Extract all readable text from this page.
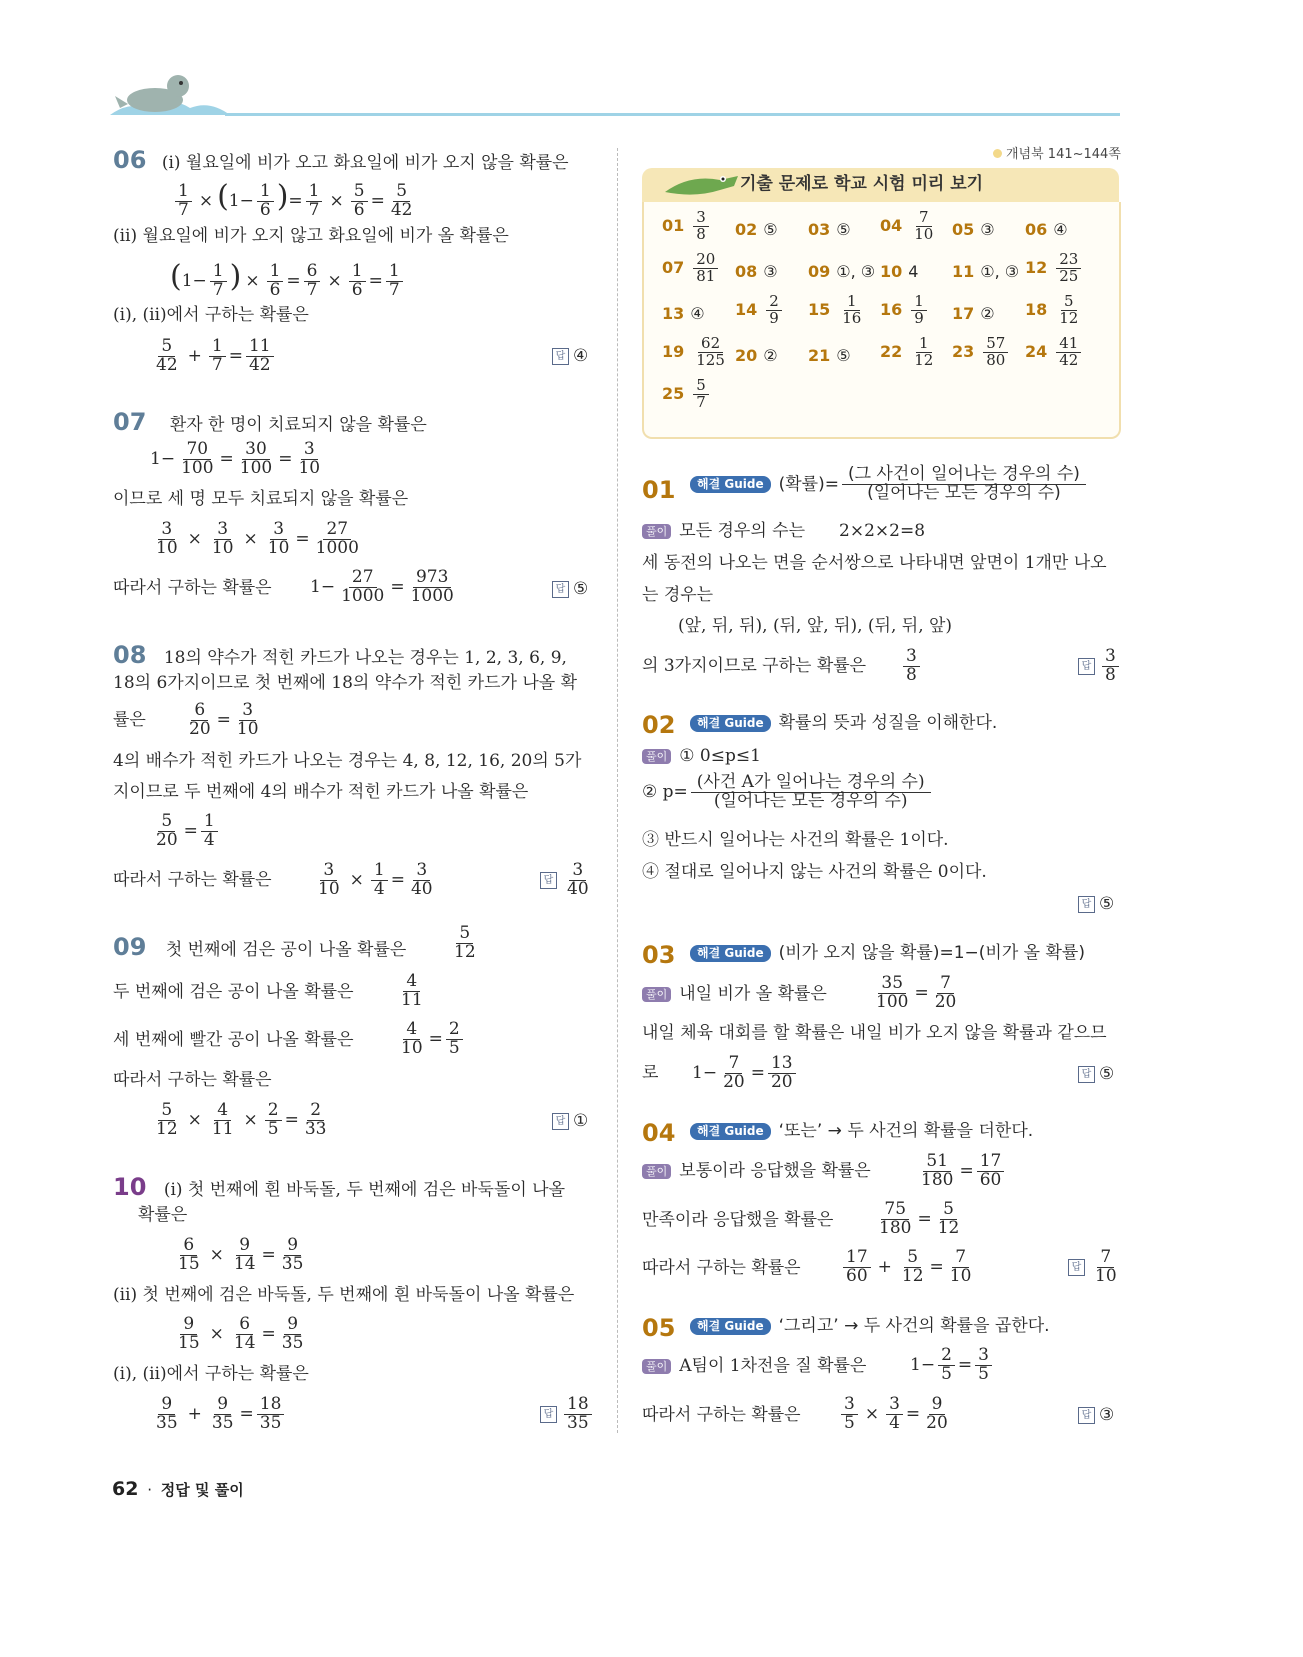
06 (ⅰ) 월요일에 비가 오고 화요일에 비가 오지 않을 확률은
$\frac{1}{7} \times (1- \frac{1}{6}$ )= $\frac{1}{7} \times \frac{5}{6} = \frac{5}{42}$
(ⅱ) 월요일에 비가 오지 않고 화요일에 비가 올 확률은
($1- \frac{1}{7}$ ) × $\frac{1}{6} = \frac{6}{7} \times \frac{1}{6} = \frac{1}{7}$
(ⅰ), (ⅱ)에서 구하는 확률은
$\frac{5}{42} + \frac{1}{7} = \frac{11}{42}$	답 ④
07 환자 한 명이 치료되지 않을 확률은
$1- \frac{70}{100} = \frac{30}{100} = \frac{3}{10}$
이므로 세 명 모두 치료되지 않을 확률은
$\frac{3}{10} \times \frac{3}{10} \times \frac{3}{10} = \frac{27}{1000}$
따라서 구하는 확률은 $1- \frac{27}{1000} = \frac{973}{1000}$	답 ⑤
08 18의 약수가 적힌 카드가 나오는 경우는 1, 2, 3, 6, 9,
18의 6가지이므로 첫 번째에 18의 약수가 적힌 카드가 나올 확
률은 $\frac{6}{20} = \frac{3}{10}$
4의 배수가 적힌 카드가 나오는 경우는 4, 8, 12, 16, 20의 5가
지이므로 두 번째에 4의 배수가 적힌 카드가 나올 확률은
$\frac{5}{20} = \frac{1}{4}$
따라서 구하는 확률은	$\frac{3}{10} \times \frac{1}{4} = \frac{3}{40}$	답 $\frac{3}{40}$
09 첫 번째에 검은 공이 나올 확률은	$\frac{5}{12}$
두 번째에 검은 공이 나올 확률은	$\frac{4}{11}$
세 번째에 빨간 공이 나올 확률은	$\frac{4}{10} = \frac{2}{5}$
따라서 구하는 확률은
$\frac{5}{12} \times \frac{4}{11} \times \frac{2}{5} = \frac{2}{33}$	답 ①
10 (ⅰ) 첫 번째에 흰 바둑돌, 두 번째에 검은 바둑돌이 나올
확률은
$\frac{6}{15} \times \frac{9}{14} = \frac{9}{35}$
(ⅱ) 첫 번째에 검은 바둑돌, 두 번째에 흰 바둑돌이 나올 확률은
$\frac{9}{15} \times \frac{6}{14} = \frac{9}{35}$
(ⅰ), (ⅱ)에서 구하는 확률은
$\frac{9}{35} + \frac{9}{35} = \frac{18}{35}$	답 $\frac{18}{35}$
개념북 141~144쪽
기출 문제로 학교 시험 미리 보기
$01 \frac{3}{8} 02$ ⑤ 03 ⑤ $04 \frac{7}{10} 05$ ③ 06 ④
$07 \frac{20}{81} 08$ ③ 09 ①, ③ 10 4 11 ①, ③ $12 \frac{23}{25}$
13 ④ $14 \frac{2}{9} 15 \frac{1}{16} 16 \frac{1}{9} 17$ ② $18 \frac{5}{12}$
$19 \frac{62}{125} 20$ ② 21 ⑤ $22 \frac{1}{12} 23 \frac{57}{80} 24 \frac{41}{42}$
$25 \frac{5}{7}$
01	해결 Guide (확률)= $\frac{\text{(그 사건이 일어나는 경우의 수)}}{\text{(일어나는 모든 경우의 수)}}$
풀이 모든 경우의 수는 2×2×2=8
세 동전의 나오는 면을 순서쌍으로 나타내면 앞면이 1개만 나오
는 경우는
(앞, 뒤, 뒤), (뒤, 앞, 뒤), (뒤, 뒤, 앞)
의 3가지이므로 구하는 확률은 $\frac{3}{8}$	답 $\frac{3}{8}$
02	해결 Guide 확률의 뜻과 성질을 이해한다.
풀이 ① 0≤p≤1
② $p= \frac{\text{(사건 A가 일어나는 경우의 수)}}{\text{(일어나는 모든 경우의 수)}}$
③ 반드시 일어나는 사건의 확률은 1이다.
④ 절대로 일어나지 않는 사건의 확률은 0이다.
답 ⑤
03	해결 Guide (비가 오지 않을 확률)=1−(비가 올 확률)
풀이 내일 비가 올 확률은	$\frac{35}{100} = \frac{7}{20}$
내일 체육 대회를 할 확률은 내일 비가 오지 않을 확률과 같으므
로 $1- \frac{7}{20} = \frac{13}{20}$	답 ⑤
04	해결 Guide ‘또는’ → 두 사건의 확률을 더한다.
풀이 보통이라 응답했을 확률은	$\frac{51}{180} = \frac{17}{60}$
만족이라 응답했을 확률은	$\frac{75}{180} = \frac{5}{12}$
따라서 구하는 확률은 $\frac{17}{60} + \frac{5}{12} = \frac{7}{10}$	답 $\frac{7}{10}$
05	해결 Guide ‘그리고’ → 두 사건의 확률을 곱한다.
풀이 A팀이 1차전을 질 확률은	$1- \frac{2}{5} = \frac{3}{5}$
따라서 구하는 확률은 $\frac{3}{5} \times \frac{3}{4} = \frac{9}{20}$	답 ③
62 · 정답 및 풀이
